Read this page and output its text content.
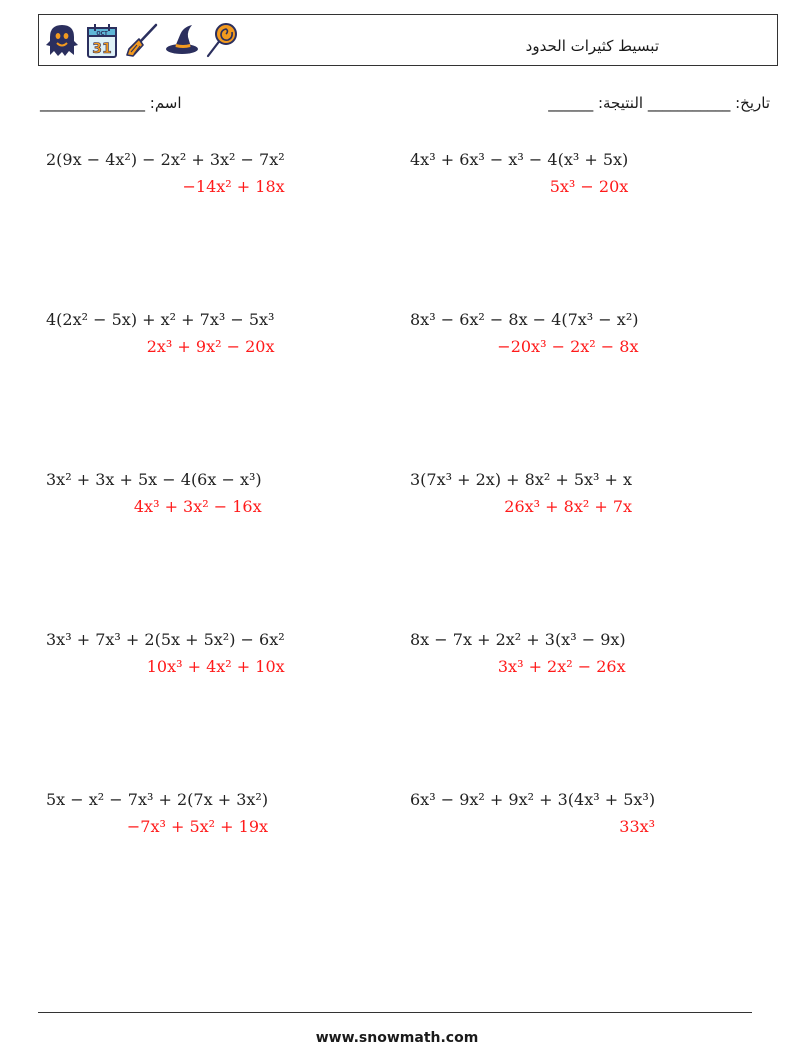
OCT
31	تبسيط كثيرات الحدود
______________ :اسم	______ :تاريخ: ___________ النتيجة
2(9x − 4x²) − 2x² + 3x² − 7x²
−14x² + 18x
4x³ + 6x³ − x³ − 4(x³ + 5x)
5x³ − 20x
4(2x² − 5x) + x² + 7x³ − 5x³
2x³ + 9x² − 20x
8x³ − 6x² − 8x − 4(7x³ − x²)
−20x³ − 2x² − 8x
3x² + 3x + 5x − 4(6x − x³)
4x³ + 3x² − 16x
3(7x³ + 2x) + 8x² + 5x³ + x
26x³ + 8x² + 7x
3x³ + 7x³ + 2(5x + 5x²) − 6x²
10x³ + 4x² + 10x
8x − 7x + 2x² + 3(x³ − 9x)
3x³ + 2x² − 26x
5x − x² − 7x³ + 2(7x + 3x²)
−7x³ + 5x² + 19x
6x³ − 9x² + 9x² + 3(4x³ + 5x³)
33x³
www.snowmath.com
